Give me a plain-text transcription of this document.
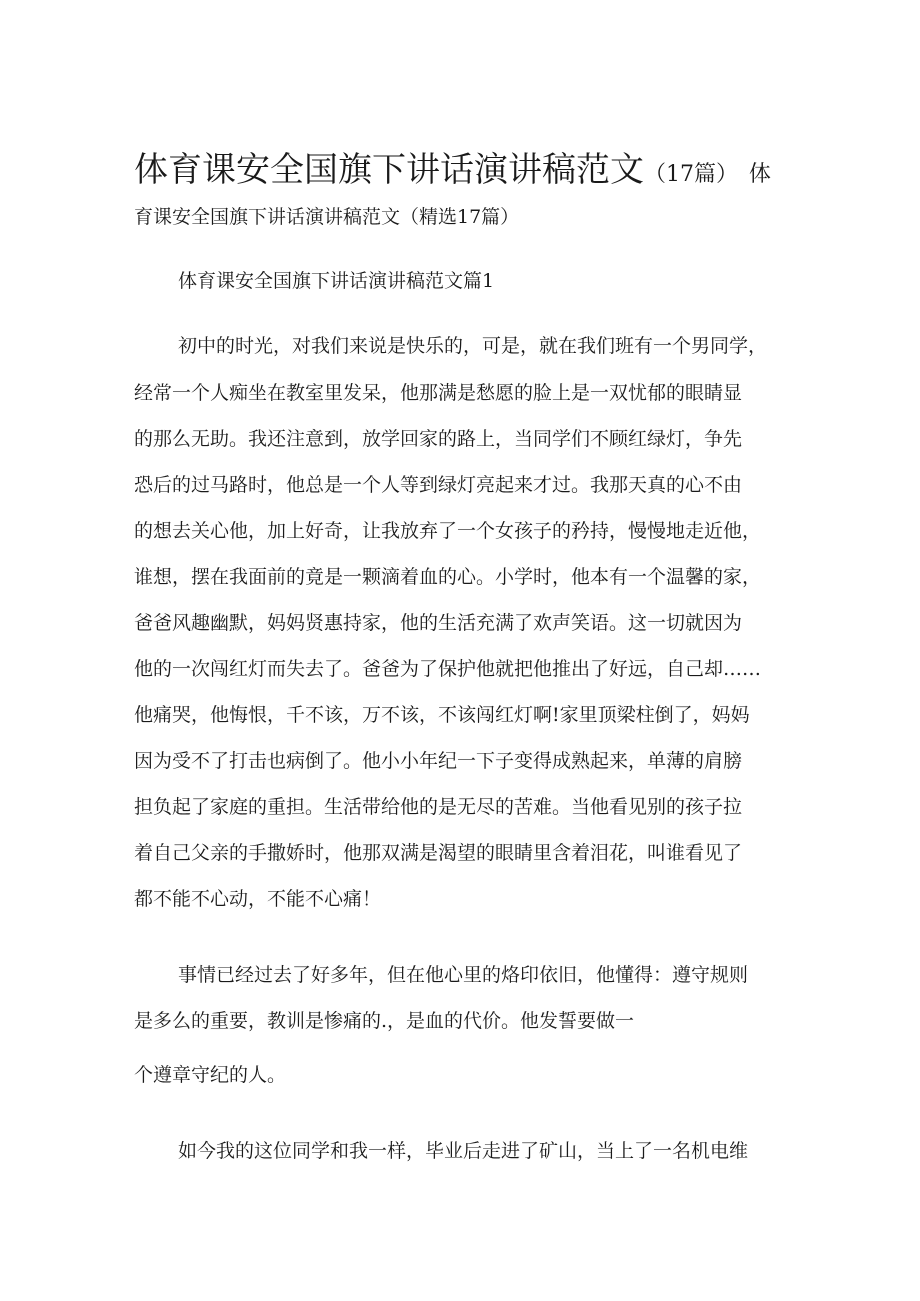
体育课安全国旗下讲话演讲稿范文（17篇） 体

育课安全国旗下讲话演讲稿范文（精选17篇）

体育课安全国旗下讲话演讲稿范文篇1

初中的时光，对我们来说是快乐的，可是，就在我们班有一个男同学，

经常一个人痴坐在教室里发呆，他那满是愁愿的脸上是一双忧郁的眼睛显

的那么无助。我还注意到，放学回家的路上，当同学们不顾红绿灯，争先

恐后的过马路时，他总是一个人等到绿灯亮起来才过。我那天真的心不由

的想去关心他，加上好奇，让我放弃了一个女孩子的矜持，慢慢地走近他，

谁想，摆在我面前的竟是一颗滴着血的心。小学时，他本有一个温馨的家，

爸爸风趣幽默，妈妈贤惠持家，他的生活充满了欢声笑语。这一切就因为

他的一次闯红灯而失去了。爸爸为了保护他就把他推出了好远，自己却……

他痛哭，他悔恨，千不该，万不该，不该闯红灯啊!家里顶梁柱倒了，妈妈

因为受不了打击也病倒了。他小小年纪一下子变得成熟起来，单薄的肩膀

担负起了家庭的重担。生活带给他的是无尽的苦难。当他看见别的孩子拉

着自己父亲的手撒娇时，他那双满是渴望的眼睛里含着泪花，叫谁看见了

都不能不心动，不能不心痛！

事情已经过去了好多年，但在他心里的烙印依旧，他懂得：遵守规则

是多么的重要，教训是惨痛的.，是血的代价。他发誓要做一

个遵章守纪的人。

如今我的这位同学和我一样，毕业后走进了矿山，当上了一名机电维
